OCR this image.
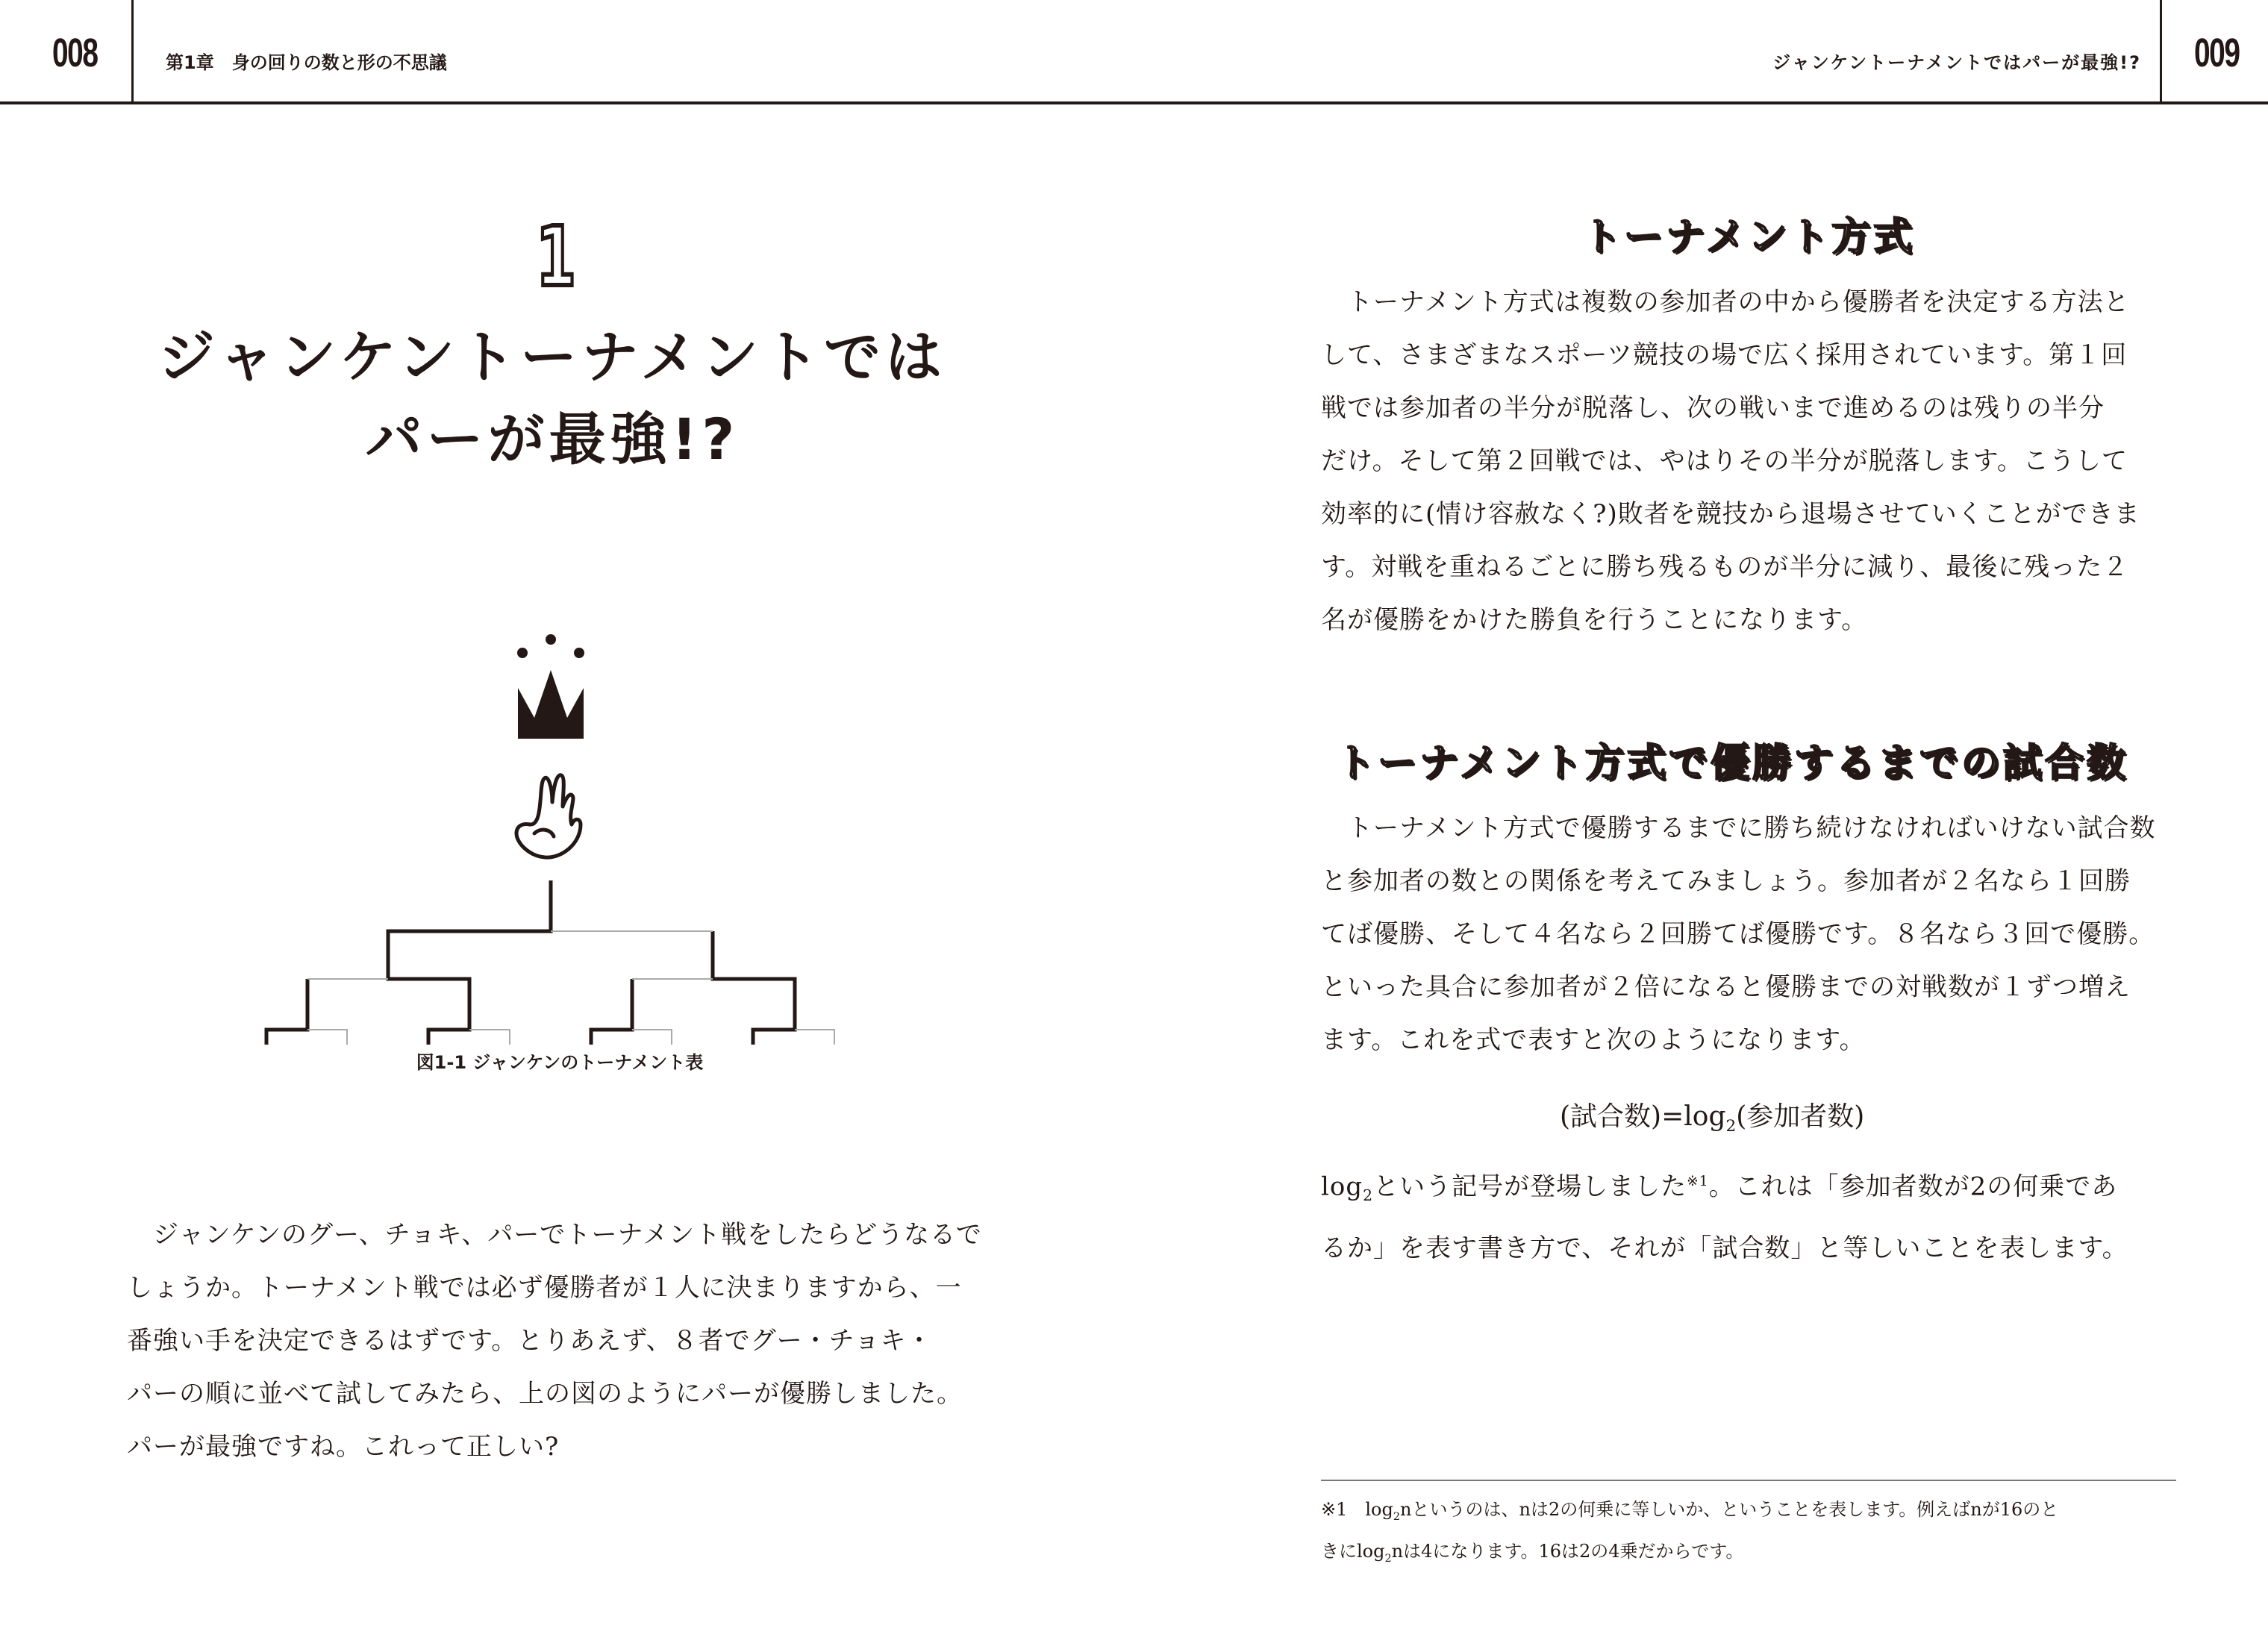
008	第1章　身の回りの数と形の不思議	ジャンケントーナメントではパーが最強!? 009
1
ジャンケントーナメントでは
パーが最強!?
図1-1 ジャンケンのトーナメント表

　ジャンケンのグー、チョキ、パーでトーナメント戦をしたらどうなるで

しょうか。トーナメント戦では必ず優勝者が１人に決まりますから、一

番強い手を決定できるはずです。とりあえず、８者でグー・チョキ・

パーの順に並べて試してみたら、上の図のようにパーが優勝しました。

パーが最強ですね。これって正しい?

トーナメント方式

　トーナメント方式は複数の参加者の中から優勝者を決定する方法と

して、さまざまなスポーツ競技の場で広く採用されています。第１回

戦では参加者の半分が脱落し、次の戦いまで進めるのは残りの半分

だけ。そして第２回戦では、やはりその半分が脱落します。こうして

効率的に(情け容赦なく?)敗者を競技から退場させていくことができま

す。対戦を重ねるごとに勝ち残るものが半分に減り、最後に残った２

名が優勝をかけた勝負を行うことになります。

トーナメント方式で優勝するまでの試合数

　トーナメント方式で優勝するまでに勝ち続けなければいけない試合数

と参加者の数との関係を考えてみましょう。参加者が２名なら１回勝

てば優勝、そして４名なら２回勝てば優勝です。８名なら３回で優勝。

といった具合に参加者が２倍になると優勝までの対戦数が１ずつ増え

ます。これを式で表すと次のようになります。

(試合数)$=\log_2$(参加者数)

$\log_2$という記号が登場しました$^{※1}$。これは「参加者数が2の何乗であ

るか」を表す書き方で、それが「試合数」と等しいことを表します。

※1　$\log_2n$というのは、nは2の何乗に等しいか、ということを表します。例えばnが16のと

きに$\log_2n$は4になります。16は2の4乗だからです。
